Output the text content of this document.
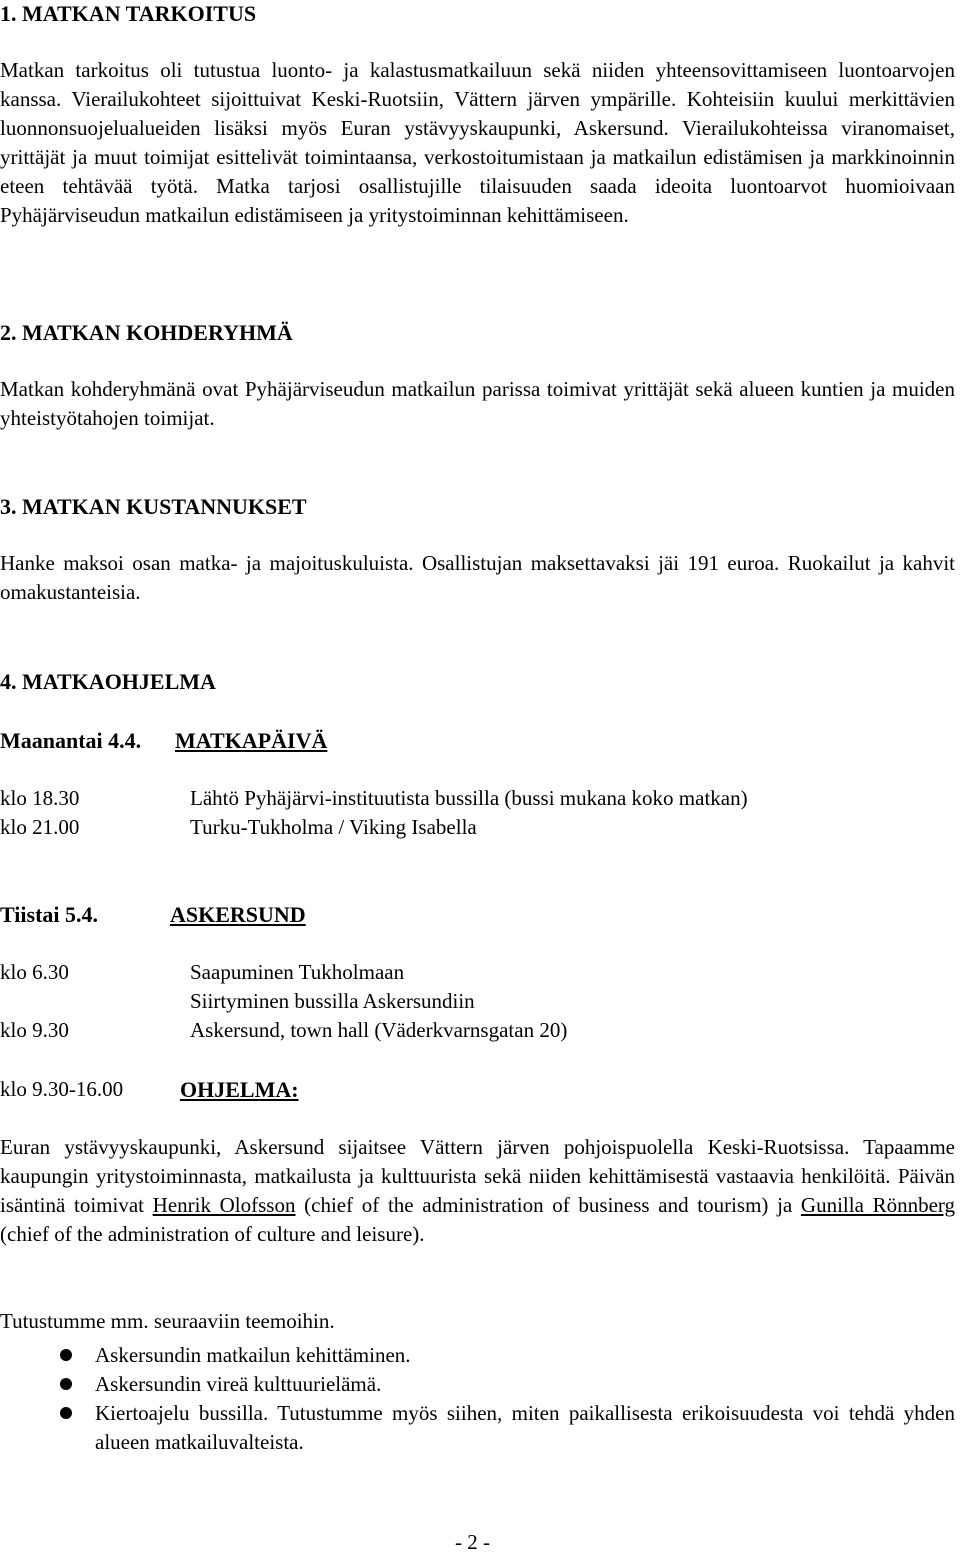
1. MATKAN TARKOITUS

Matkan tarkoitus oli tutustua luonto- ja kalastusmatkailuun sekä niiden yhteensovittamiseen luontoarvojen kanssa. Vierailukohteet sijoittuivat Keski-Ruotsiin, Vättern järven ympärille. Kohteisiin kuului merkittävien luonnonsuojelualueiden lisäksi myös Euran ystävyyskaupunki, Askersund. Vierailukohteissa viranomaiset, yrittäjät ja muut toimijat esittelivät toimintaansa, verkostoitumistaan ja matkailun edistämisen ja markkinoinnin eteen tehtävää työtä. Matka tarjosi osallistujille tilaisuuden saada ideoita luontoarvot huomioivaan Pyhäjärviseudun matkailun edistämiseen ja yritystoiminnan kehittämiseen.

2. MATKAN KOHDERYHMÄ

Matkan kohderyhmänä ovat Pyhäjärviseudun matkailun parissa toimivat yrittäjät sekä alueen kuntien ja muiden yhteistyötahojen toimijat.

3. MATKAN KUSTANNUKSET

Hanke maksoi osan matka- ja majoituskuluista. Osallistujan maksettavaksi jäi 191 euroa. Ruokailut ja kahvit omakustanteisia.

4. MATKAOHJELMA
Maanantai 4.4. MATKAPÄIVÄ
klo 18.30	Lähtö Pyhäjärvi-instituutista bussilla (bussi mukana koko matkan)
klo 21.00	Turku-Tukholma / Viking Isabella
Tiistai 5.4.	ASKERSUND
klo 6.30	Saapuminen Tukholmaan
Siirtyminen bussilla Askersundiin
klo 9.30	Askersund, town hall (Väderkvarnsgatan 20)
klo 9.30-16.00	OHJELMA:

Euran ystävyyskaupunki, Askersund sijaitsee Vättern järven pohjoispuolella Keski-Ruotsissa. Tapaamme kaupungin yritystoiminnasta, matkailusta ja kulttuurista sekä niiden kehittämisestä vastaavia henkilöitä. Päivän isäntinä toimivat Henrik Olofsson (chief of the administration of business and tourism) ja Gunilla Rönnberg (chief of the administration of culture and leisure).

Tutustumme mm. seuraaviin teemoihin.

Askersundin matkailun kehittäminen.

Askersundin vireä kulttuurielämä.

Kiertoajelu bussilla. Tutustumme myös siihen, miten paikallisesta erikoisuudesta voi tehdä yhden alueen matkailuvalteista.

- 2 -
